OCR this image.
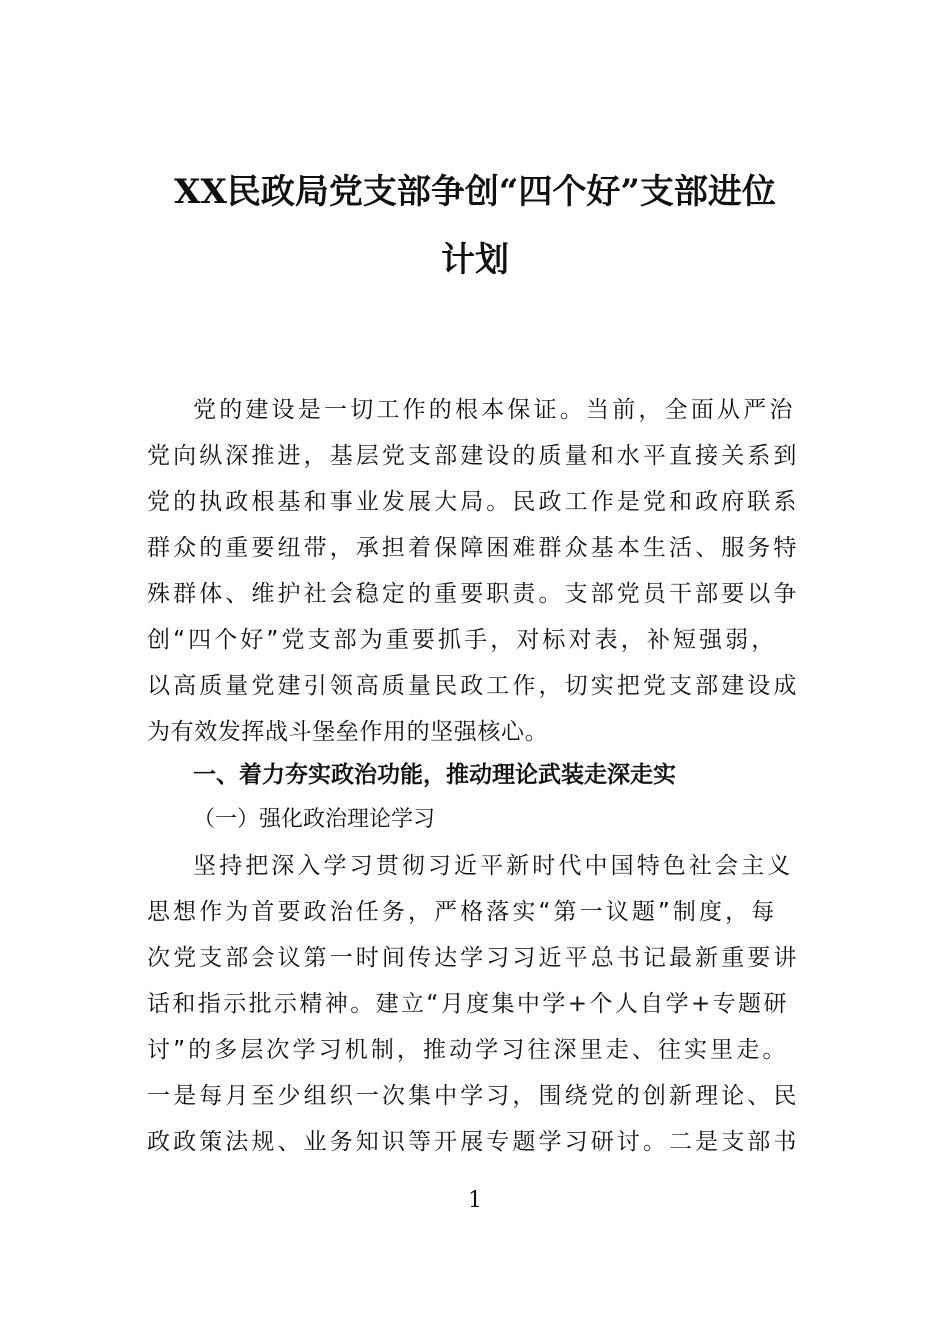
XX民政局党支部争创“四个好”支部进位
计划
党的建设是一切工作的根本保证。当前，全面从严治
党向纵深推进，基层党支部建设的质量和水平直接关系到
党的执政根基和事业发展大局。民政工作是党和政府联系
群众的重要纽带，承担着保障困难群众基本生活、服务特
殊群体、维护社会稳定的重要职责。支部党员干部要以争
创“四个好”党支部为重要抓手，对标对表，补短强弱，
以高质量党建引领高质量民政工作，切实把党支部建设成
为有效发挥战斗堡垒作用的坚强核心。
一、着力夯实政治功能，推动理论武装走深走实
（一）强化政治理论学习
坚持把深入学习贯彻习近平新时代中国特色社会主义
思想作为首要政治任务，严格落实“第一议题”制度，每
次党支部会议第一时间传达学习习近平总书记最新重要讲
话和指示批示精神。建立“月度集中学+个人自学+专题研
讨”的多层次学习机制，推动学习往深里走、往实里走。
一是每月至少组织一次集中学习，围绕党的创新理论、民
政政策法规、业务知识等开展专题学习研讨。二是支部书
1
